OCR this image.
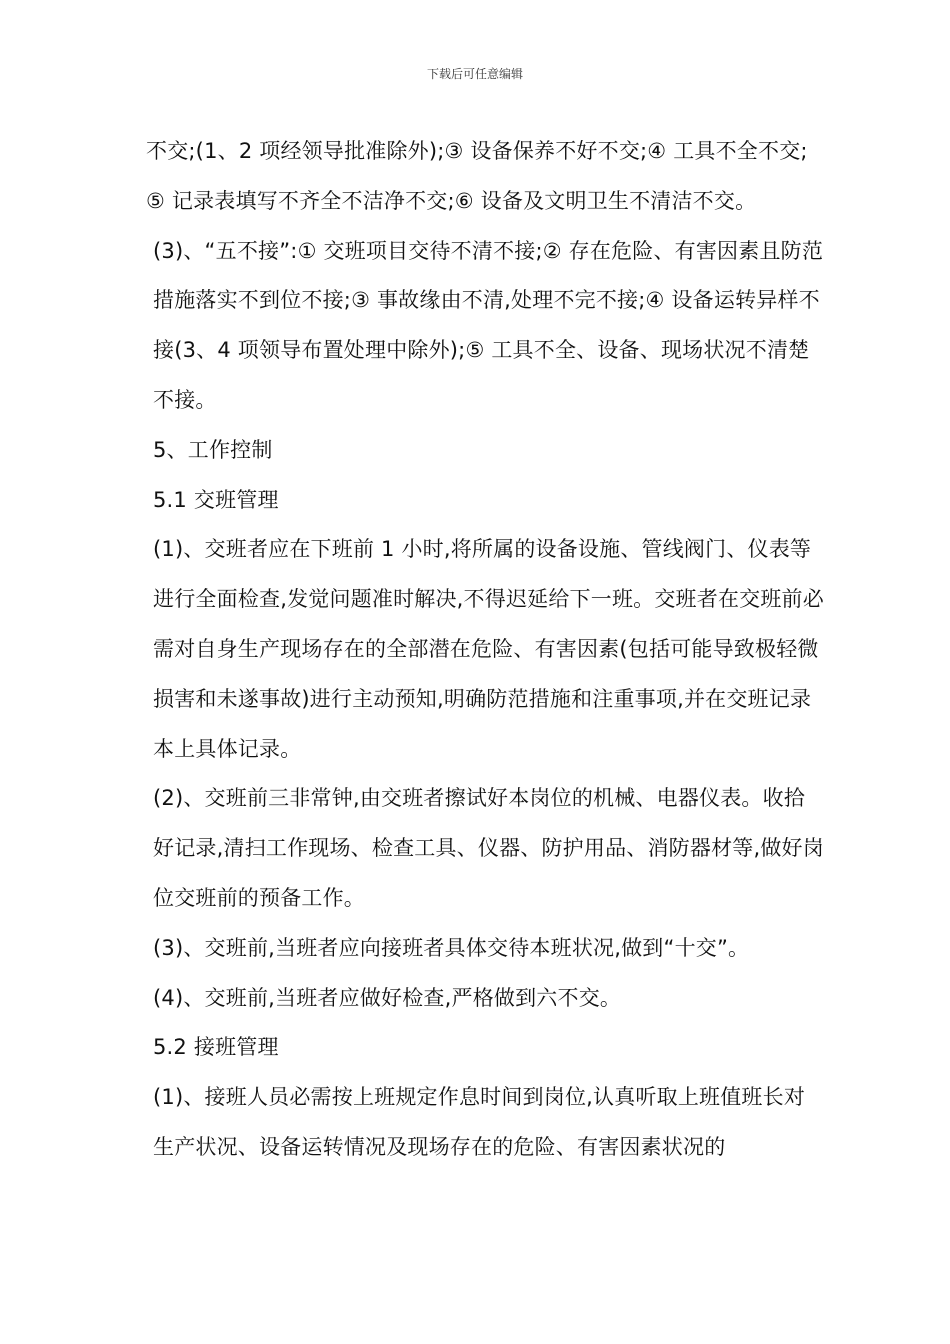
下载后可任意编辑

不交;(1、2 项经领导批准除外);③ 设备保养不好不交;④ 工具不全不交;⑤ 记录表填写不齐全不洁净不交;⑥ 设备及文明卫生不清洁不交。

(3)、“五不接”:① 交班项目交待不清不接;② 存在危险、有害因素且防范措施落实不到位不接;③ 事故缘由不清,处理不完不接;④ 设备运转异样不接(3、4 项领导布置处理中除外);⑤ 工具不全、设备、现场状况不清楚不接。

5、工作控制

5.1 交班管理

(1)、交班者应在下班前 1 小时,将所属的设备设施、管线阀门、仪表等进行全面检查,发觉问题准时解决,不得迟延给下一班。交班者在交班前必需对自身生产现场存在的全部潜在危险、有害因素(包括可能导致极轻微损害和未遂事故)进行主动预知,明确防范措施和注重事项,并在交班记录本上具体记录。

(2)、交班前三非常钟,由交班者擦试好本岗位的机械、电器仪表。收拾好记录,清扫工作现场、检查工具、仪器、防护用品、消防器材等,做好岗位交班前的预备工作。

(3)、交班前,当班者应向接班者具体交待本班状况,做到“十交”。

(4)、交班前,当班者应做好检查,严格做到六不交。

5.2 接班管理

(1)、接班人员必需按上班规定作息时间到岗位,认真听取上班值班长对生产状况、设备运转情况及现场存在的危险、有害因素状况的
